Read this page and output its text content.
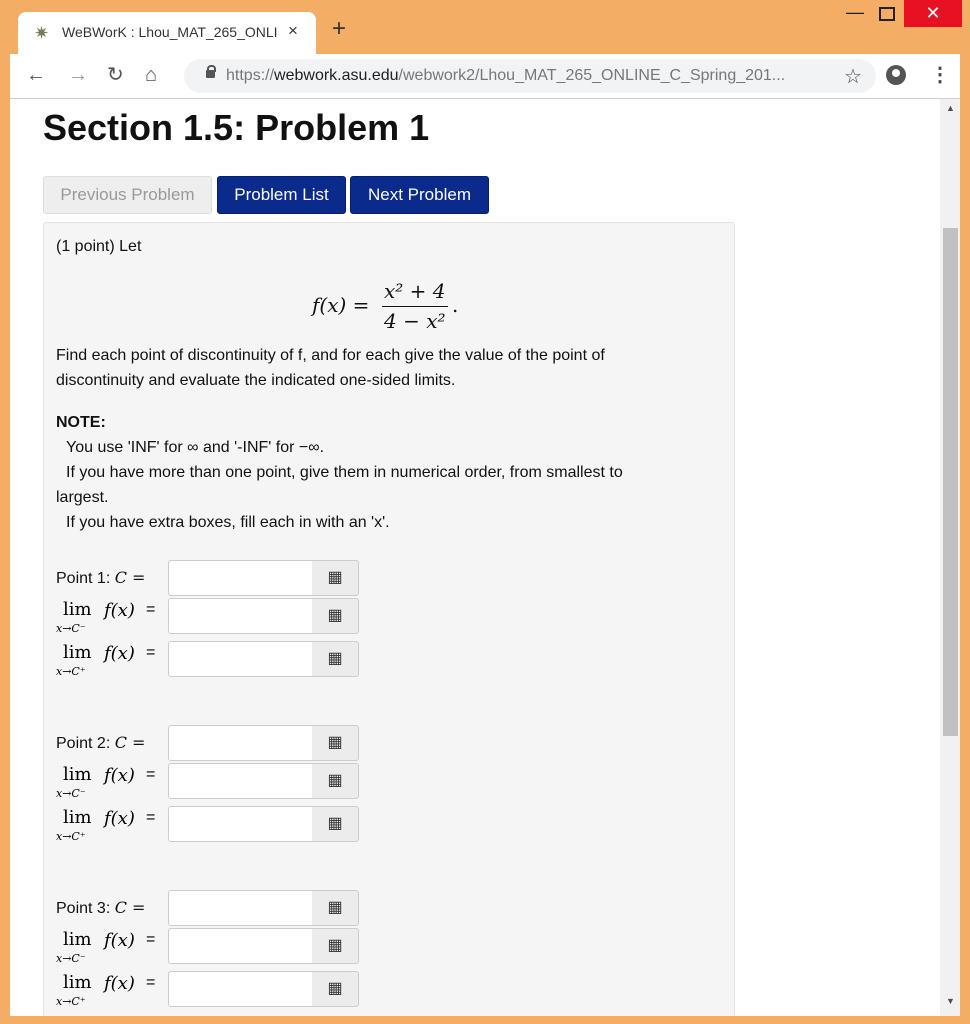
✷ WeBWorK : Lhou_MAT_265_ONLI × +
—	✕
← → ↻ ⌂	https://webwork.asu.edu/webwork2/Lhou_MAT_265_ONLINE_C_Spring_201...	☆	⋮
Section 1.5: Problem 1
Previous Problem	Problem List	Next Problem
(1 point) Let
f(x) =
x² + 4
4 − x²
.
Find each point of discontinuity of f, and for each give the value of the point of
discontinuity and evaluate the indicated one-sided limits.
NOTE:
You use 'INF' for ∞ and '-INF' for −∞.
If you have more than one point, give them in numerical order, from smallest to
largest.
If you have extra boxes, fill each in with an 'x'.
Point 1: C =	▦
lim
x→C⁻
f(x) =	▦
lim
x→C⁺
f(x) =	▦
Point 2: C =	▦
lim
x→C⁻
f(x) =	▦
lim
x→C⁺
f(x) =	▦
Point 3: C =	▦
lim
x→C⁻
f(x) =	▦
lim
x→C⁺
f(x) =	▦
▲
▼
